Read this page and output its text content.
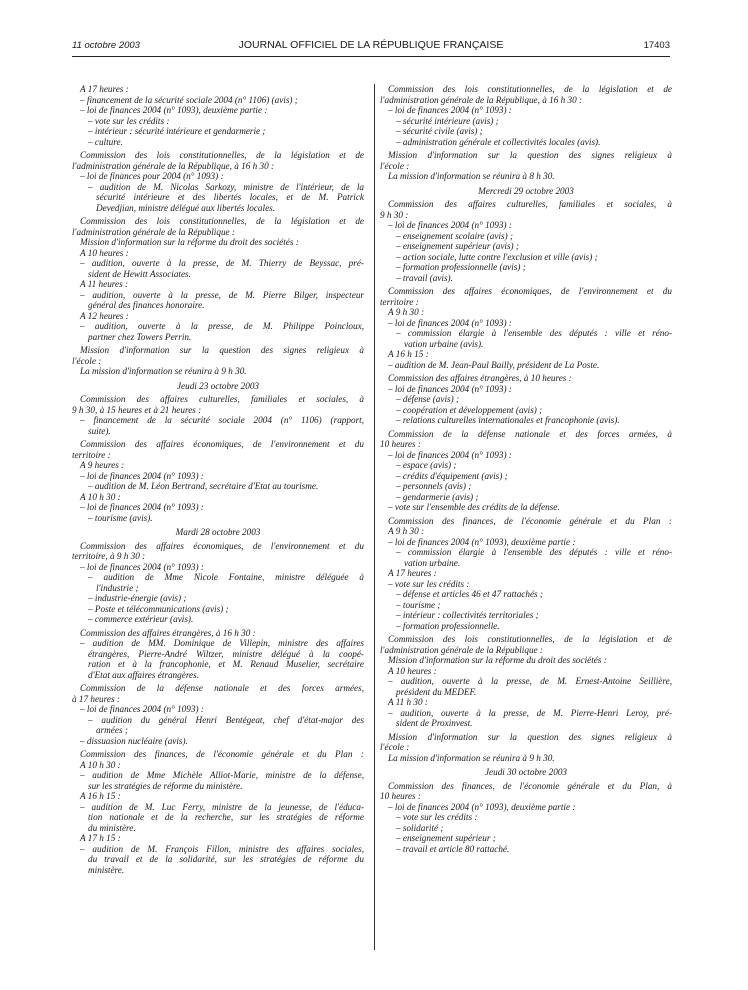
11 octobre 2003	JOURNAL OFFICIEL DE LA RÉPUBLIQUE FRANÇAISE	17403
A 17 heures :
– financement de la sécurité sociale 2004 (n° 1106) (avis) ;
– loi de finances 2004 (n° 1093), deuxième partie :
– vote sur les crédits :
– intérieur : sécurité intérieure et gendarmerie ;
– culture.
Commission des lois constitutionnelles, de la législation et de
l'administration générale de la République, à 16 h 30 :
– loi de finances pour 2004 (n° 1093) :
– audition de M. Nicolas Sarkozy, ministre de l'intérieur, de la
sécurité intérieure et des libertés locales, et de M. Patrick
Devedjian, ministre délégué aux libertés locales.
Commission des lois constitutionnelles, de la législation et de
l'administration générale de la République :
Mission d'information sur la réforme du droit des sociétés :
A 10 heures :
– audition, ouverte à la presse, de M. Thierry de Beyssac, pré-
sident de Hewitt Associates.
A 11 heures :
– audition, ouverte à la presse, de M. Pierre Bilger, inspecteur
général des finances honoraire.
A 12 heures :
– audition, ouverte à la presse, de M. Philippe Poincloux,
partner chez Towers Perrin.
Mission d'information sur la question des signes religieux à
l'école :
La mission d'information se réunira à 9 h 30.
Jeudi 23 octobre 2003
Commission des affaires culturelles, familiales et sociales, à
9 h 30, à 15 heures et à 21 heures :
– financement de la sécurité sociale 2004 (n° 1106) (rapport,
suite).
Commission des affaires économiques, de l'environnement et du
territoire :
A 9 heures :
– loi de finances 2004 (n° 1093) :
– audition de M. Léon Bertrand, secrétaire d'Etat au tourisme.
A 10 h 30 :
– loi de finances 2004 (n° 1093) :
– tourisme (avis).
Mardi 28 octobre 2003
Commission des affaires économiques, de l'environnement et du
territoire, à 9 h 30 :
– loi de finances 2004 (n° 1093) :
– audition de Mme Nicole Fontaine, ministre déléguée à
l'industrie ;
– industrie-énergie (avis) ;
– Poste et télécommunications (avis) ;
– commerce extérieur (avis).
Commission des affaires étrangères, à 16 h 30 :
– audition de MM. Dominique de Villepin, ministre des affaires
étrangères, Pierre-André Wiltzer, ministre délégué à la coopé-
ration et à la francophonie, et M. Renaud Muselier, secrétaire
d'Etat aux affaires étrangères.
Commission de la défense nationale et des forces armées,
à 17 heures :
– loi de finances 2004 (n° 1093) :
– audition du général Henri Bentégeat, chef d'état-major des
armées ;
– dissuasion nucléaire (avis).
Commission des finances, de l'économie générale et du Plan :
A 10 h 30 :
– audition de Mme Michèle Alliot-Marie, ministre de la défense,
sur les stratégies de réforme du ministère.
A 16 h 15 :
– audition de M. Luc Ferry, ministre de la jeunesse, de l'éduca-
tion nationale et de la recherche, sur les stratégies de réforme
du ministère.
A 17 h 15 :
– audition de M. François Fillon, ministre des affaires sociales,
du travail et de la solidarité, sur les stratégies de réforme du
ministère.
Commission des lois constitutionnelles, de la législation et de
l'administration générale de la République, à 16 h 30 :
– loi de finances 2004 (n° 1093) :
– sécurité intérieure (avis) ;
– sécurité civile (avis) ;
– administration générale et collectivités locales (avis).
Mission d'information sur la question des signes religieux à
l'école :
La mission d'information se réunira à 8 h 30.
Mercredi 29 octobre 2003
Commission des affaires culturelles, familiales et sociales, à
9 h 30 :
– loi de finances 2004 (n° 1093) :
– enseignement scolaire (avis) ;
– enseignement supérieur (avis) ;
– action sociale, lutte contre l'exclusion et ville (avis) ;
– formation professionnelle (avis) ;
– travail (avis).
Commission des affaires économiques, de l'environnement et du
territoire :
A 9 h 30 :
– loi de finances 2004 (n° 1093) :
– commission élargie à l'ensemble des députés : ville et réno-
vation urbaine (avis).
A 16 h 15 :
– audition de M. Jean-Paul Bailly, président de La Poste.
Commission des affaires étrangères, à 10 heures :
– loi de finances 2004 (n° 1093) :
– défense (avis) ;
– coopération et développement (avis) ;
– relations culturelles internationales et francophonie (avis).
Commission de la défense nationale et des forces armées, à
10 heures :
– loi de finances 2004 (n° 1093) :
– espace (avis) ;
– crédits d'équipement (avis) ;
– personnels (avis) ;
– gendarmerie (avis) ;
– vote sur l'ensemble des crédits de la défense.
Commission des finances, de l'économie générale et du Plan :
A 9 h 30 :
– loi de finances 2004 (n° 1093), deuxième partie :
– commission élargie à l'ensemble des députés : ville et réno-
vation urbaine.
A 17 heures :
– vote sur les crédits :
– défense et articles 46 et 47 rattachés ;
– tourisme ;
– intérieur : collectivités territoriales ;
– formation professionnelle.
Commission des lois constitutionnelles, de la législation et de
l'administration générale de la République :
Mission d'information sur la réforme du droit des sociétés :
A 10 heures :
– audition, ouverte à la presse, de M. Ernest-Antoine Seillière,
président du MEDEF.
A 11 h 30 :
– audition, ouverte à la presse, de M. Pierre-Henri Leroy, pré-
sident de Proxinvest.
Mission d'information sur la question des signes religieux à
l'école :
La mission d'information se réunira à 9 h 30.
Jeudi 30 octobre 2003
Commission des finances, de l'économie générale et du Plan, à
10 heures :
– loi de finances 2004 (n° 1093), deuxième partie :
– vote sur les crédits :
– solidarité ;
– enseignement supérieur ;
– travail et article 80 rattaché.
